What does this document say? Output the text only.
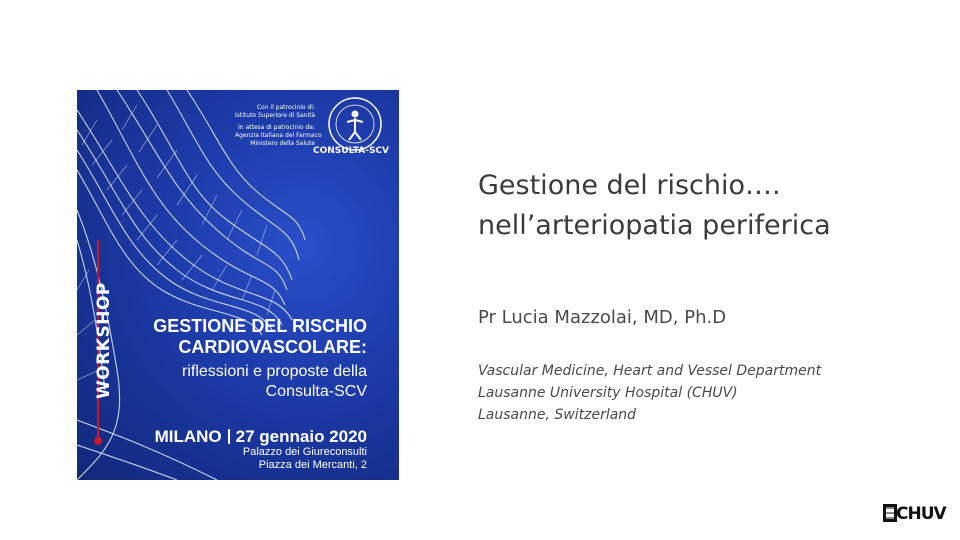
Con il patrocinio di:
Istituto Superiore di Sanità
In attesa di patrocinio da:
Agenzia Italiana del Farmaco
Ministero della Salute
CONSULTA-SCV
WORKSHOP	GESTIONE DEL RISCHIO
CARDIOVASCOLARE:
riflessioni e proposte della
Consulta-SCV
MILANO 27 gennaio 2020
Palazzo dei Giureconsulti
Piazza dei Mercanti, 2
Gestione del rischio….
nell’arteriopatia periferica
Pr Lucia Mazzolai, MD, Ph.D
Vascular Medicine, Heart and Vessel Department
Lausanne University Hospital (CHUV)
Lausanne, Switzerland
CHUV
